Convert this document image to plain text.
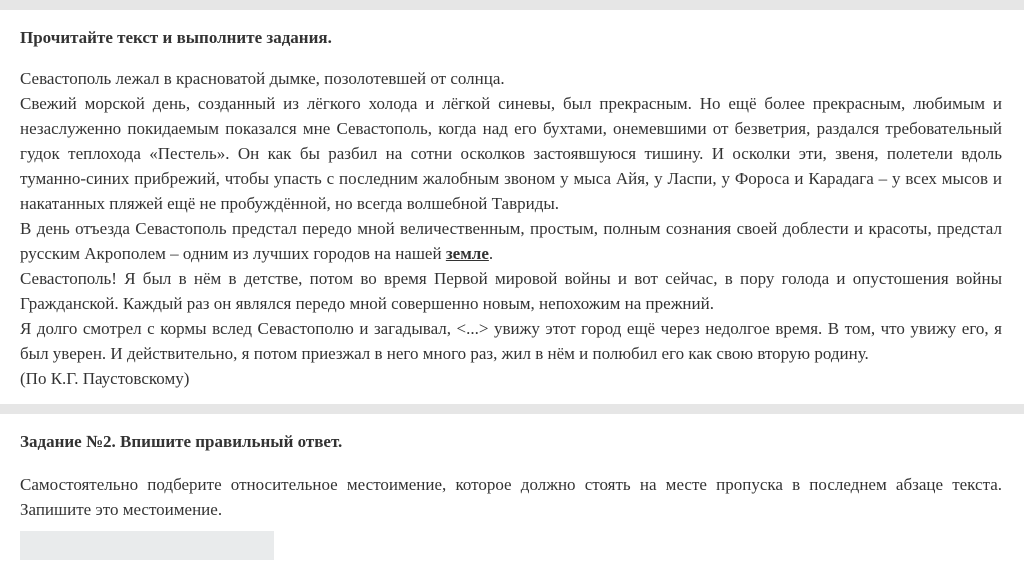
Прочитайте текст и выполните задания.

Севастополь лежал в красноватой дымке, позолотевшей от солнца.

Свежий морской день, созданный из лёгкого холода и лёгкой синевы, был прекрасным. Но ещё более прекрасным, любимым и незаслуженно покидаемым показался мне Севастополь, когда над его бухтами, онемевшими от безветрия, раздался требовательный гудок теплохода «Пестель». Он как бы разбил на сотни осколков застоявшуюся тишину. И осколки эти, звеня, полетели вдоль туманно-синих прибрежий, чтобы упасть с последним жалобным звоном у мыса Айя, у Ласпи, у Фороса и Карадага – у всех мысов и накатанных пляжей ещё не пробуждённой, но всегда волшебной Тавриды.

В день отъезда Севастополь предстал передо мной величественным, простым, полным сознания своей доблести и красоты, предстал русским Акрополем – одним из лучших городов на нашей земле.

Севастополь! Я был в нём в детстве, потом во время Первой мировой войны и вот сейчас, в пору голода и опустошения войны Гражданской. Каждый раз он являлся передо мной совершенно новым, непохожим на прежний.

Я долго смотрел с кормы вслед Севастополю и загадывал, <...> увижу этот город ещё через недолгое время. В том, что увижу его, я был уверен. И действительно, я потом приезжал в него много раз, жил в нём и полюбил его как свою вторую родину.

(По К.Г. Паустовскому)

Задание №2. Впишите правильный ответ.

Самостоятельно подберите относительное местоимение, которое должно стоять на месте пропуска в последнем абзаце текста. Запишите это местоимение.
